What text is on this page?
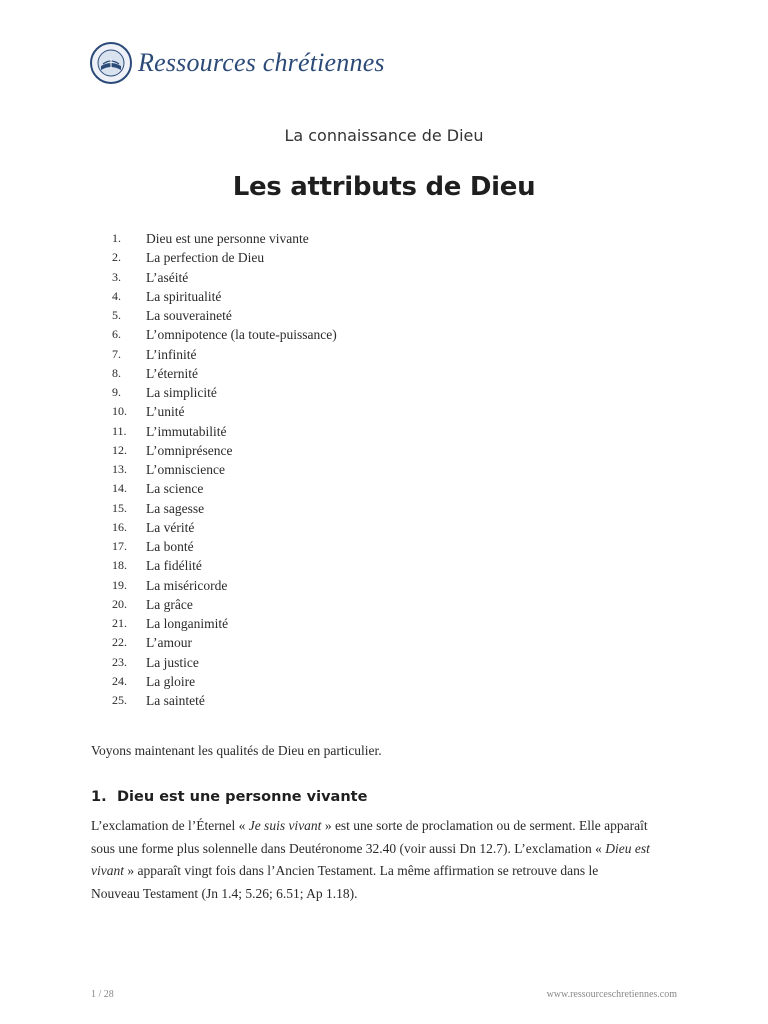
Ressources chrétiennes
La connaissance de Dieu
Les attributs de Dieu
1.	Dieu est une personne vivante
2.	La perfection de Dieu
3.	L’aséité
4.	La spiritualité
5.	La souveraineté
6.	L’omnipotence (la toute-puissance)
7.	L’infinité
8.	L’éternité
9.	La simplicité
10.	L’unité
11.	L’immutabilité
12.	L’omniprésence
13.	L’omniscience
14.	La science
15.	La sagesse
16.	La vérité
17.	La bonté
18.	La fidélité
19.	La miséricorde
20.	La grâce
21.	La longanimité
22.	L’amour
23.	La justice
24.	La gloire
25.	La sainteté
Voyons maintenant les qualités de Dieu en particulier.
1. Dieu est une personne vivante
L’exclamation de l’Éternel « Je suis vivant » est une sorte de proclamation ou de serment. Elle apparaît
sous une forme plus solennelle dans Deutéronome 32.40 (voir aussi Dn 12.7). L’exclamation « Dieu est
vivant » apparaît vingt fois dans l’Ancien Testament. La même affirmation se retrouve dans le
Nouveau Testament (Jn 1.4; 5.26; 6.51; Ap 1.18).
1 / 28	www.ressourceschretiennes.com
